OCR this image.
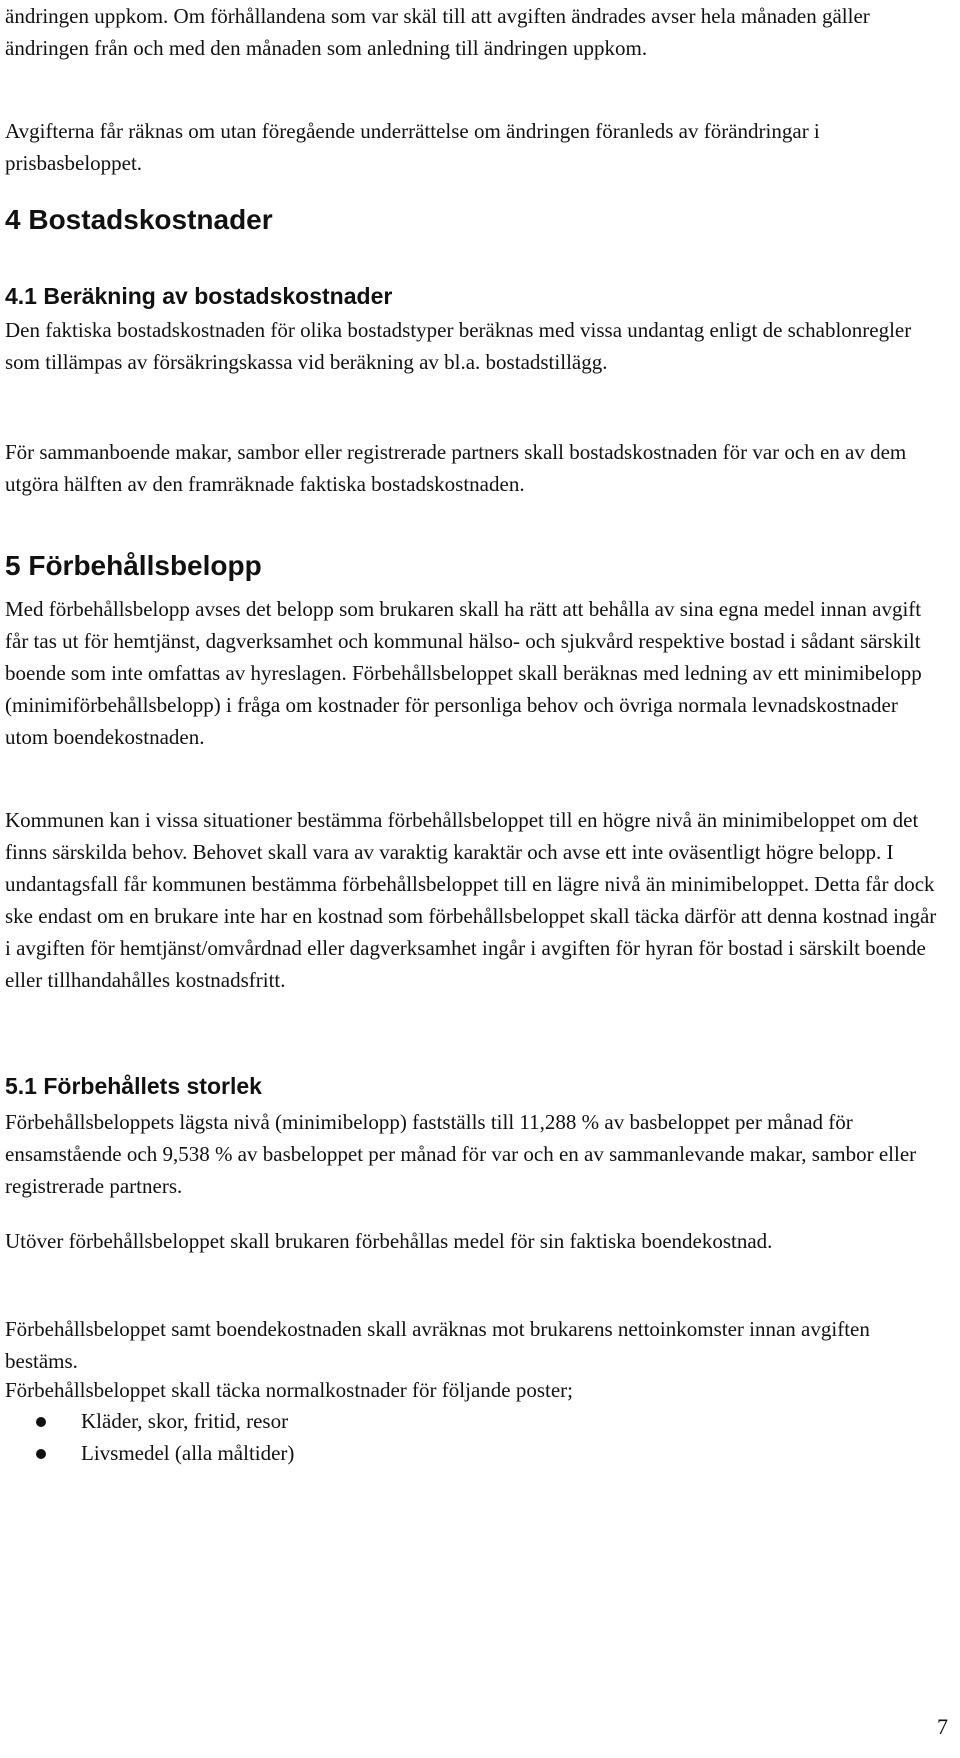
ändringen uppkom. Om förhållandena som var skäl till att avgiften ändrades avser hela månaden gäller ändringen från och med den månaden som anledning till ändringen uppkom.

Avgifterna får räknas om utan föregående underrättelse om ändringen föranleds av förändringar i prisbasbeloppet.

4 Bostadskostnader
4.1 Beräkning av bostadskostnader

Den faktiska bostadskostnaden för olika bostadstyper beräknas med vissa undantag enligt de schablonregler som tillämpas av försäkringskassa vid beräkning av bl.a. bostadstillägg.

För sammanboende makar, sambor eller registrerade partners skall bostadskostnaden för var och en av dem utgöra hälften av den framräknade faktiska bostadskostnaden.

5 Förbehållsbelopp

Med förbehållsbelopp avses det belopp som brukaren skall ha rätt att behålla av sina egna medel innan avgift får tas ut för hemtjänst, dagverksamhet och kommunal hälso- och sjukvård respektive bostad i sådant särskilt boende som inte omfattas av hyreslagen. Förbehållsbeloppet skall beräknas med ledning av ett minimibelopp (minimiförbehållsbelopp) i fråga om kostnader för personliga behov och övriga normala levnadskostnader utom boendekostnaden.

Kommunen kan i vissa situationer bestämma förbehållsbeloppet till en högre nivå än minimibeloppet om det finns särskilda behov. Behovet skall vara av varaktig karaktär och avse ett inte oväsentligt högre belopp. I undantagsfall får kommunen bestämma förbehållsbeloppet till en lägre nivå än minimibeloppet. Detta får dock ske endast om en brukare inte har en kostnad som förbehållsbeloppet skall täcka därför att denna kostnad ingår i avgiften för hemtjänst/omvårdnad eller dagverksamhet ingår i avgiften för hyran för bostad i särskilt boende eller tillhandahålles kostnadsfritt.

5.1 Förbehållets storlek

Förbehållsbeloppets lägsta nivå (minimibelopp) fastställs till 11,288 % av basbeloppet per månad för ensamstående och 9,538 % av basbeloppet per månad för var och en av sammanlevande makar, sambor eller registrerade partners.

Utöver förbehållsbeloppet skall brukaren förbehållas medel för sin faktiska boendekostnad.

Förbehållsbeloppet samt boendekostnaden skall avräknas mot brukarens nettoinkomster innan avgiften bestäms.

Förbehållsbeloppet skall täcka normalkostnader för följande poster;

Kläder, skor, fritid, resor
Livsmedel (alla måltider)
7
